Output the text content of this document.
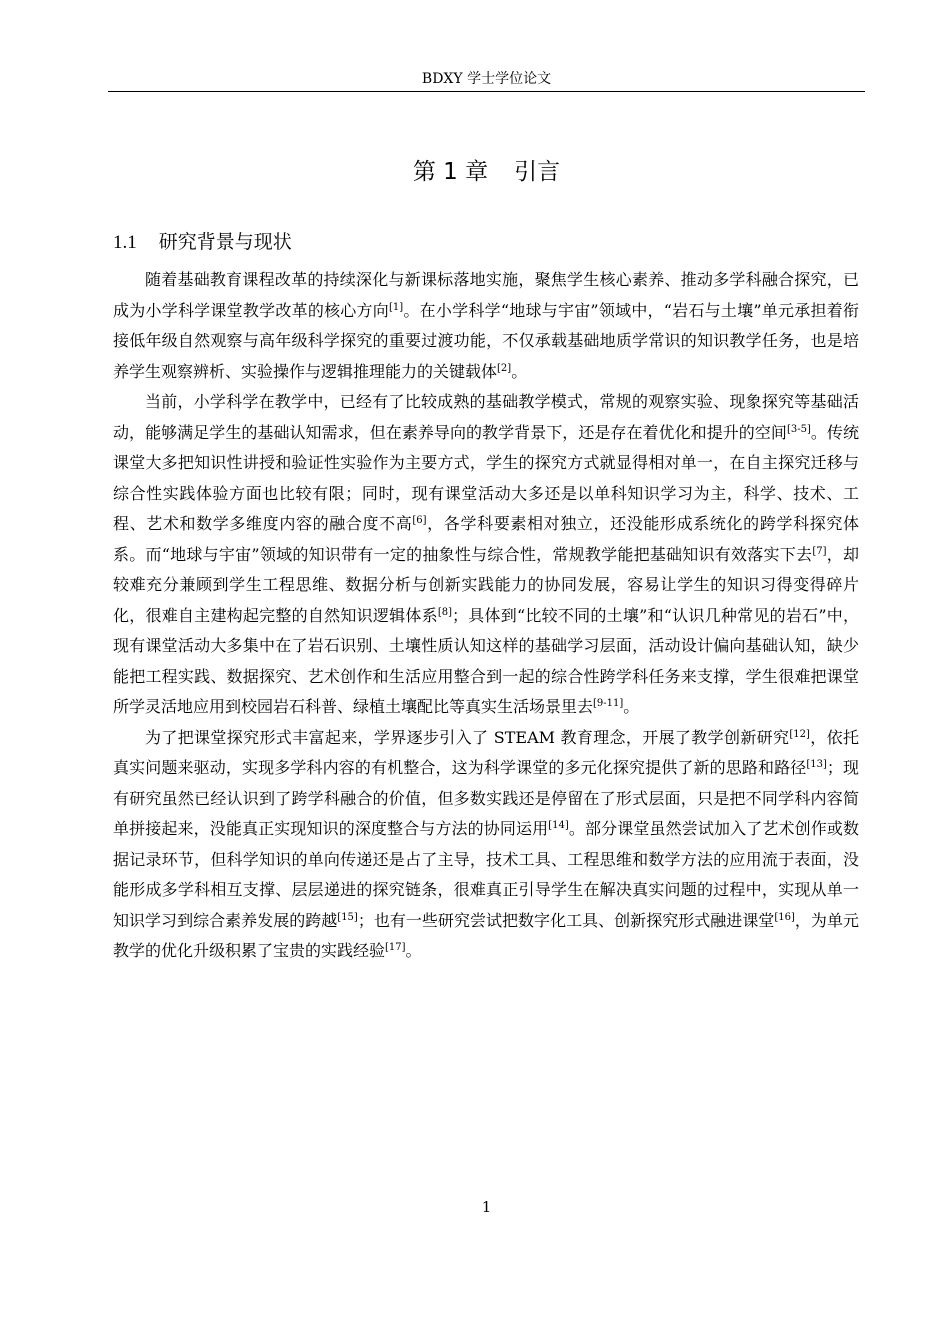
BDXY 学士学位论文
第 1 章 引言
1.1 研究背景与现状

随着基础教育课程改革的持续深化与新课标落地实施，聚焦学生核心素养、推动多学科融合探究，已成为小学科学课堂教学改革的核心方向[1]。在小学科学“地球与宇宙”领域中，“岩石与土壤”单元承担着衔接低年级自然观察与高年级科学探究的重要过渡功能，不仅承载基础地质学常识的知识教学任务，也是培养学生观察辨析、实验操作与逻辑推理能力的关键载体[2]。

当前，小学科学在教学中，已经有了比较成熟的基础教学模式，常规的观察实验、现象探究等基础活动，能够满足学生的基础认知需求，但在素养导向的教学背景下，还是存在着优化和提升的空间[3-5]。传统课堂大多把知识性讲授和验证性实验作为主要方式，学生的探究方式就显得相对单一，在自主探究迁移与综合性实践体验方面也比较有限；同时，现有课堂活动大多还是以单科知识学习为主，科学、技术、工程、艺术和数学多维度内容的融合度不高[6]，各学科要素相对独立，还没能形成系统化的跨学科探究体系。而“地球与宇宙”领域的知识带有一定的抽象性与综合性，常规教学能把基础知识有效落实下去[7]，却较难充分兼顾到学生工程思维、数据分析与创新实践能力的协同发展，容易让学生的知识习得变得碎片化，很难自主建构起完整的自然知识逻辑体系[8]；具体到“比较不同的土壤”和“认识几种常见的岩石”中，现有课堂活动大多集中在了岩石识别、土壤性质认知这样的基础学习层面，活动设计偏向基础认知，缺少能把工程实践、数据探究、艺术创作和生活应用整合到一起的综合性跨学科任务来支撑，学生很难把课堂所学灵活地应用到校园岩石科普、绿植土壤配比等真实生活场景里去[9-11]。

为了把课堂探究形式丰富起来，学界逐步引入了 STEAM 教育理念，开展了教学创新研究[12]，依托真实问题来驱动，实现多学科内容的有机整合，这为科学课堂的多元化探究提供了新的思路和路径[13]；现有研究虽然已经认识到了跨学科融合的价值，但多数实践还是停留在了形式层面，只是把不同学科内容简单拼接起来，没能真正实现知识的深度整合与方法的协同运用[14]。部分课堂虽然尝试加入了艺术创作或数据记录环节，但科学知识的单向传递还是占了主导，技术工具、工程思维和数学方法的应用流于表面，没能形成多学科相互支撑、层层递进的探究链条，很难真正引导学生在解决真实问题的过程中，实现从单一知识学习到综合素养发展的跨越[15]；也有一些研究尝试把数字化工具、创新探究形式融进课堂[16]，为单元教学的优化升级积累了宝贵的实践经验[17]。

1
